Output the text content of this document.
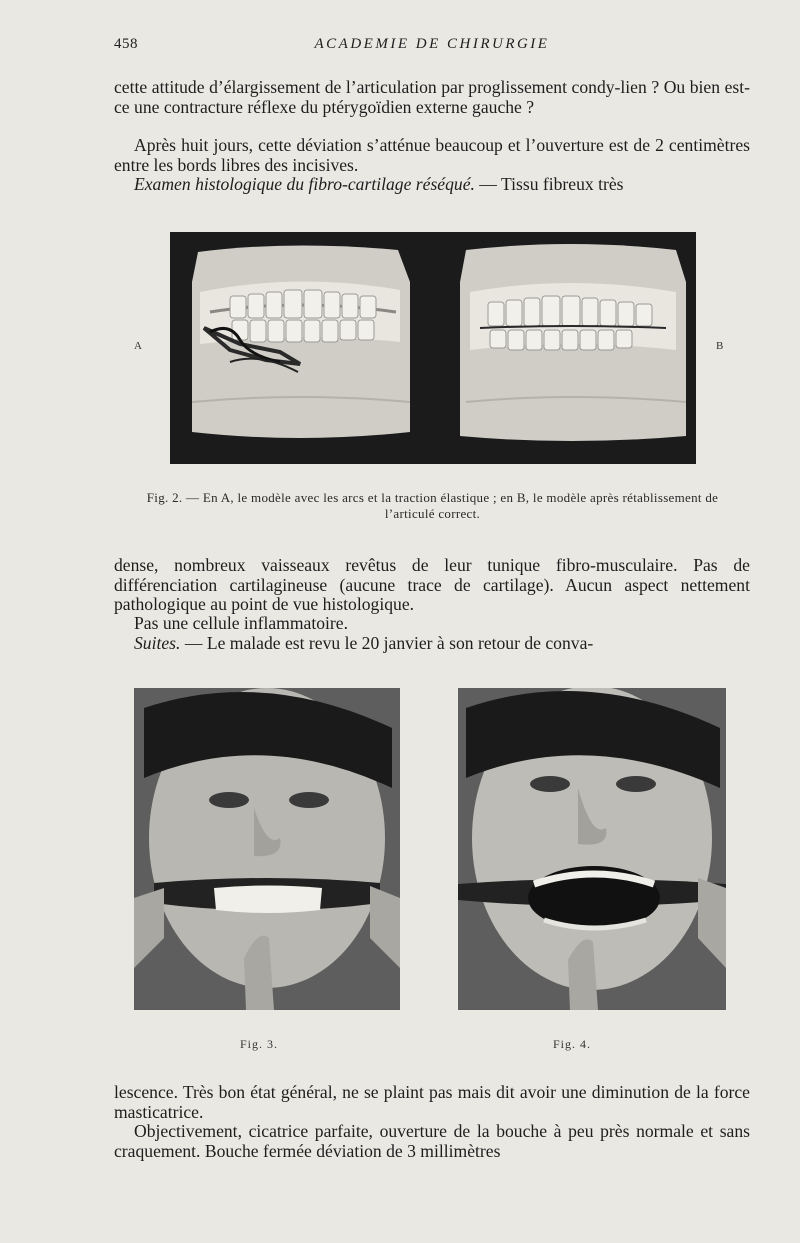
458	ACADEMIE DE CHIRURGIE

cette attitude d’élargissement de l’articulation par proglissement condy-lien ? Ou bien est-ce une contracture réflexe du ptérygoïdien externe gauche ?

Après huit jours, cette déviation s’atténue beaucoup et l’ouverture est de 2 centimètres entre les bords libres des incisives.

Examen histologique du fibro-cartilage réséqué. — Tissu fibreux très

A	B
Fig. 2. — En A, le modèle avec les arcs et la traction élastique ; en B, le modèle après rétablissement de l’articulé correct.

dense, nombreux vaisseaux revêtus de leur tunique fibro-musculaire. Pas de différenciation cartilagineuse (aucune trace de cartilage). Aucun aspect nettement pathologique au point de vue histologique.

Pas une cellule inflammatoire.

Suites. — Le malade est revu le 20 janvier à son retour de conva-

Fig. 3.	Fig. 4.

lescence. Très bon état général, ne se plaint pas mais dit avoir une diminution de la force masticatrice.

Objectivement, cicatrice parfaite, ouverture de la bouche à peu près normale et sans craquement. Bouche fermée déviation de 3 millimètres
